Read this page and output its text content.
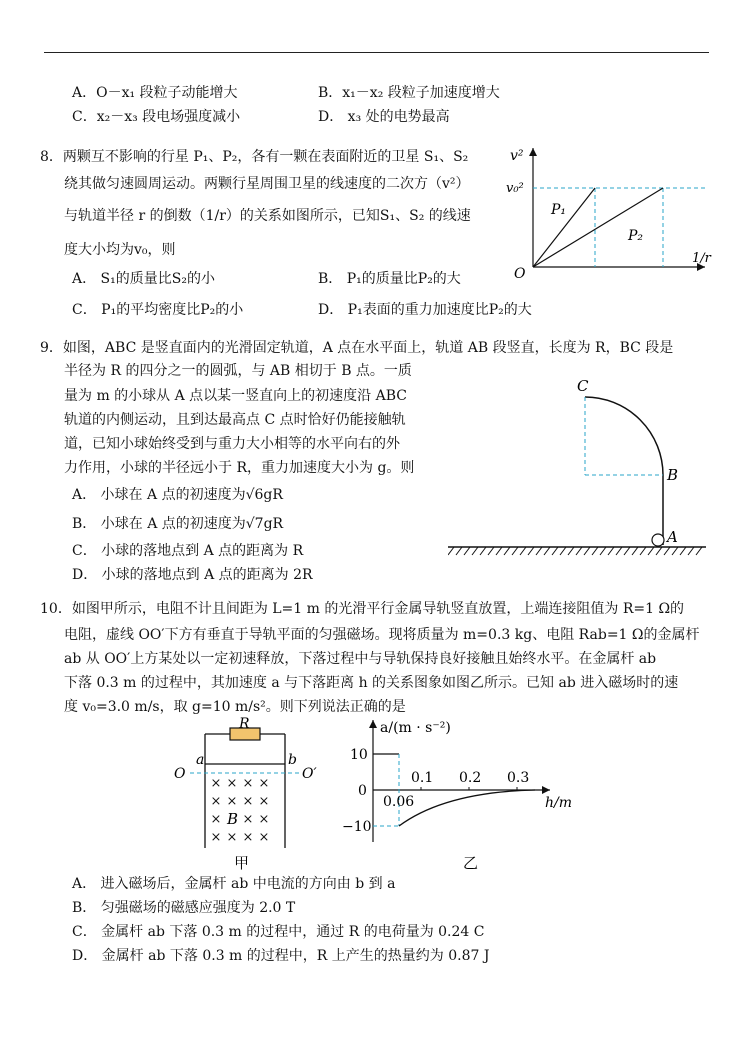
A．O－x₁ 段粒子动能增大	B．x₁－x₂ 段粒子加速度增大
C．x₂－x₃ 段电场强度减小	D． x₃ 处的电势最高
8．两颗互不影响的行星 P₁、P₂，各有一颗在表面附近的卫星 S₁、S₂
绕其做匀速圆周运动。两颗行星周围卫星的线速度的二次方（v²）
与轨道半径 r 的倒数（1/r）的关系如图所示，已知S₁、S₂ 的线速
度大小均为v₀，则
A． S₁的质量比S₂的小	B． P₁的质量比P₂的大
C． P₁的平均密度比P₂的小	D． P₁表面的重力加速度比P₂的大
v²
v₀²
O
P₁
P₂
1/r
9．如图，ABC 是竖直面内的光滑固定轨道，A 点在水平面上，轨道 AB 段竖直，长度为 R，BC 段是
半径为 R 的四分之一的圆弧，与 AB 相切于 B 点。一质
量为 m 的小球从 A 点以某一竖直向上的初速度沿 ABC
轨道的内侧运动，且到达最高点 C 点时恰好仍能接触轨
道，已知小球始终受到与重力大小相等的水平向右的外
力作用，小球的半径远小于 R，重力加速度大小为 g。则
A． 小球在 A 点的初速度为√6gR
B． 小球在 A 点的初速度为√7gR
C． 小球的落地点到 A 点的距离为 R
D． 小球的落地点到 A 点的距离为 2R
C
B
A
10．如图甲所示，电阻不计且间距为 L=1 m 的光滑平行金属导轨竖直放置，上端连接阻值为 R=1 Ω的
电阻，虚线 OO′下方有垂直于导轨平面的匀强磁场。现将质量为 m=0.3 kg、电阻 Rab=1 Ω的金属杆
ab 从 OO′上方某处以一定初速释放，下落过程中与导轨保持良好接触且始终水平。在金属杆 ab
下落 0.3 m 的过程中，其加速度 a 与下落距离 h 的关系图象如图乙所示。已知 ab 进入磁场时的速
度 v₀=3.0 m/s，取 g=10 m/s²。则下列说法正确的是
× × × ×
× × × ×
× × ×
× × × ×
R
a	b
O	O′
B
甲
a/(m · s⁻²)
10
0
−10
0.1 0.2 0.3
0.06	h/m
乙
A． 进入磁场后，金属杆 ab 中电流的方向由 b 到 a
B． 匀强磁场的磁感应强度为 2.0 T
C． 金属杆 ab 下落 0.3 m 的过程中，通过 R 的电荷量为 0.24 C
D． 金属杆 ab 下落 0.3 m 的过程中，R 上产生的热量约为 0.87 J
